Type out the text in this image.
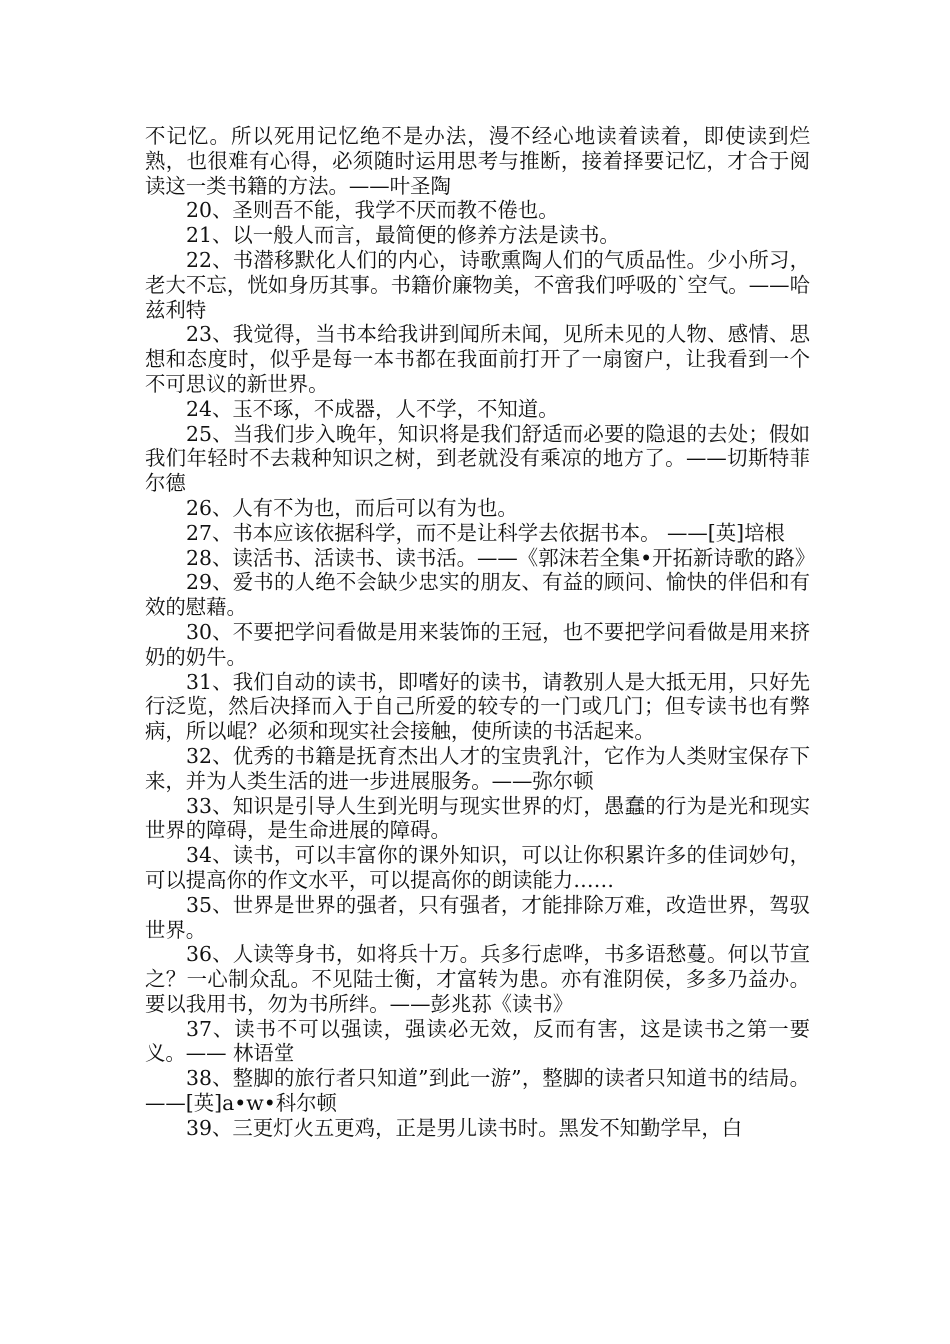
不记忆。所以死用记忆绝不是办法，漫不经心地读着读着，即使读到烂熟，也很难有心得，必须随时运用思考与推断，接着择要记忆，才合于阅读这一类书籍的方法。——叶圣陶

20、圣则吾不能，我学不厌而教不倦也。

21、以一般人而言，最简便的修养方法是读书。

22、书潜移默化人们的内心，诗歌熏陶人们的气质品性。少小所习，老大不忘，恍如身历其事。书籍价廉物美，不啻我们呼吸的`空气。——哈兹利特

23、我觉得，当书本给我讲到闻所未闻，见所未见的人物、感情、思想和态度时，似乎是每一本书都在我面前打开了一扇窗户，让我看到一个不可思议的新世界。

24、玉不琢，不成器，人不学，不知道。

25、当我们步入晚年，知识将是我们舒适而必要的隐退的去处；假如我们年轻时不去栽种知识之树，到老就没有乘凉的地方了。——切斯特菲尔德

26、人有不为也，而后可以有为也。

27、书本应该依据科学，而不是让科学去依据书本。 ——[英]培根

28、读活书、活读书、读书活。——《郭沫若全集•开拓新诗歌的路》

29、爱书的人绝不会缺少忠实的朋友、有益的顾问、愉快的伴侣和有效的慰藉。

30、不要把学问看做是用来装饰的王冠，也不要把学问看做是用来挤奶的奶牛。

31、我们自动的读书，即嗜好的读书，请教别人是大抵无用，只好先行泛览，然后决择而入于自己所爱的较专的一门或几门；但专读书也有弊病，所以崐？必须和现实社会接触，使所读的书活起来。

32、优秀的书籍是抚育杰出人才的宝贵乳汁，它作为人类财宝保存下来，并为人类生活的进一步进展服务。——弥尔顿

33、知识是引导人生到光明与现实世界的灯，愚蠢的行为是光和现实世界的障碍，是生命进展的障碍。

34、读书，可以丰富你的课外知识，可以让你积累许多的佳词妙句，可以提高你的作文水平，可以提高你的朗读能力……

35、世界是世界的强者，只有强者，才能排除万难，改造世界，驾驭世界。

36、人读等身书，如将兵十万。兵多行虑哗，书多语愁蔓。何以节宣之？一心制众乱。不见陆士衡，才富转为患。亦有淮阴侯，多多乃益办。要以我用书，勿为书所绊。——彭兆荪《读书》

37、读书不可以强读，强读必无效，反而有害，这是读书之第一要义。—— 林语堂

38、整脚的旅行者只知道”到此一游”，整脚的读者只知道书的结局。 ——[英]a•w•科尔顿

39、三更灯火五更鸡，正是男儿读书时。黑发不知勤学早，白
